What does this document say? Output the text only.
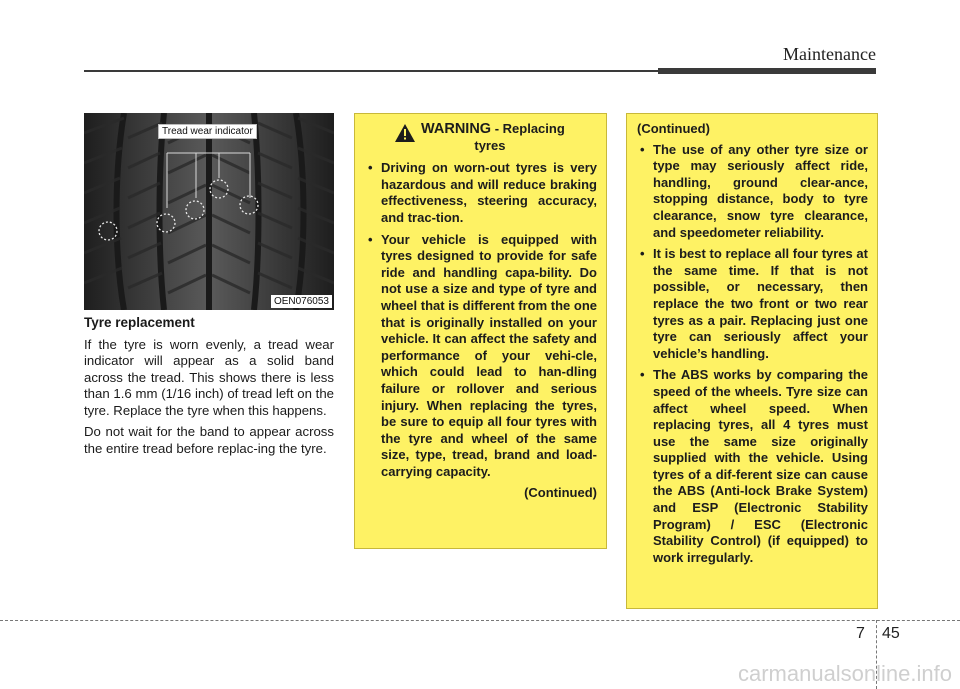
Maintenance
Tread wear indicator
OEN076053
Tyre replacement

If the tyre is worn evenly, a tread wear indicator will appear as a solid band across the tread. This shows there is less than 1.6 mm (1/16 inch) of tread left on the tyre. Replace the tyre when this happens.

Do not wait for the band to appear across the entire tread before replac-ing the tyre.

WARNING - Replacing
tyres
• Driving on worn-out tyres is very hazardous and will reduce braking effectiveness, steering accuracy, and trac-tion.
• Your vehicle is equipped with tyres designed to provide for safe ride and handling capa-bility. Do not use a size and type of tyre and wheel that is different from the one that is originally installed on your vehicle. It can affect the safety and performance of your vehi-cle, which could lead to han-dling failure or rollover and serious injury. When replacing the tyres, be sure to equip all four tyres with the tyre and wheel of the same size, type, tread, brand and load-carrying capacity.
(Continued)
(Continued)
• The use of any other tyre size or type may seriously affect ride, handling, ground clear-ance, stopping distance, body to tyre clearance, snow tyre clearance, and speedometer reliability.
• It is best to replace all four tyres at the same time. If that is not possible, or necessary, then replace the two front or two rear tyres as a pair. Replacing just one tyre can seriously affect your vehicle’s handling.
• The ABS works by comparing the speed of the wheels. Tyre size can affect wheel speed. When replacing tyres, all 4 tyres must use the same size originally supplied with the vehicle. Using tyres of a dif-ferent size can cause the ABS (Anti-lock Brake System) and ESP (Electronic Stability Program) / ESC (Electronic Stability Control) (if equipped) to work irregularly.
7 45
carmanualsonline.info
